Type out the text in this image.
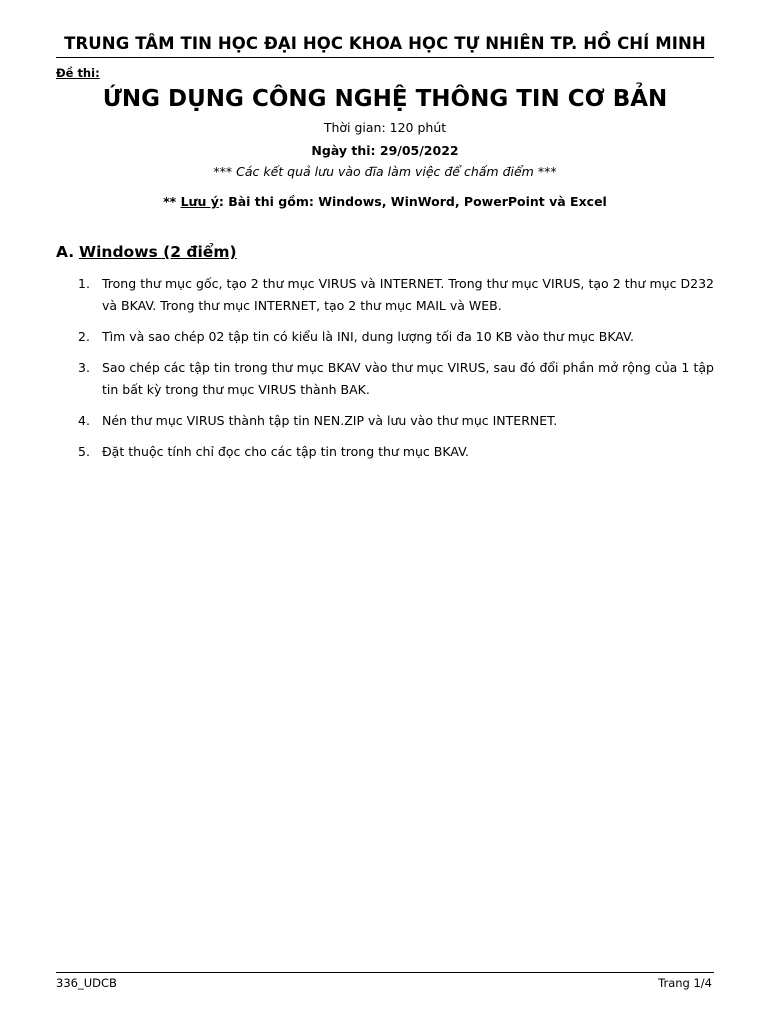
TRUNG TÂM TIN HỌC ĐẠI HỌC KHOA HỌC TỰ NHIÊN TP. HỒ CHÍ MINH
Đề thi:
ỨNG DỤNG CÔNG NGHỆ THÔNG TIN CƠ BẢN
Thời gian: 120 phút
Ngày thi: 29/05/2022
*** Các kết quả lưu vào đĩa làm việc để chấm điểm ***
** Lưu ý: Bài thi gồm: Windows, WinWord, PowerPoint và Excel
A. Windows (2 điểm)
1. Trong thư mục gốc, tạo 2 thư mục VIRUS và INTERNET. Trong thư mục VIRUS, tạo 2 thư mục D232 và BKAV. Trong thư mục INTERNET, tạo 2 thư mục MAIL và WEB.
2. Tìm và sao chép 02 tập tin có kiểu là INI, dung lượng tối đa 10 KB vào thư mục BKAV.
3. Sao chép các tập tin trong thư mục BKAV vào thư mục VIRUS, sau đó đổi phần mở rộng của 1 tập tin bất kỳ trong thư mục VIRUS thành BAK.
4. Nén thư mục VIRUS thành tập tin NEN.ZIP và lưu vào thư mục INTERNET.
5. Đặt thuộc tính chỉ đọc cho các tập tin trong thư mục BKAV.
336_UDCB	Trang 1/4
